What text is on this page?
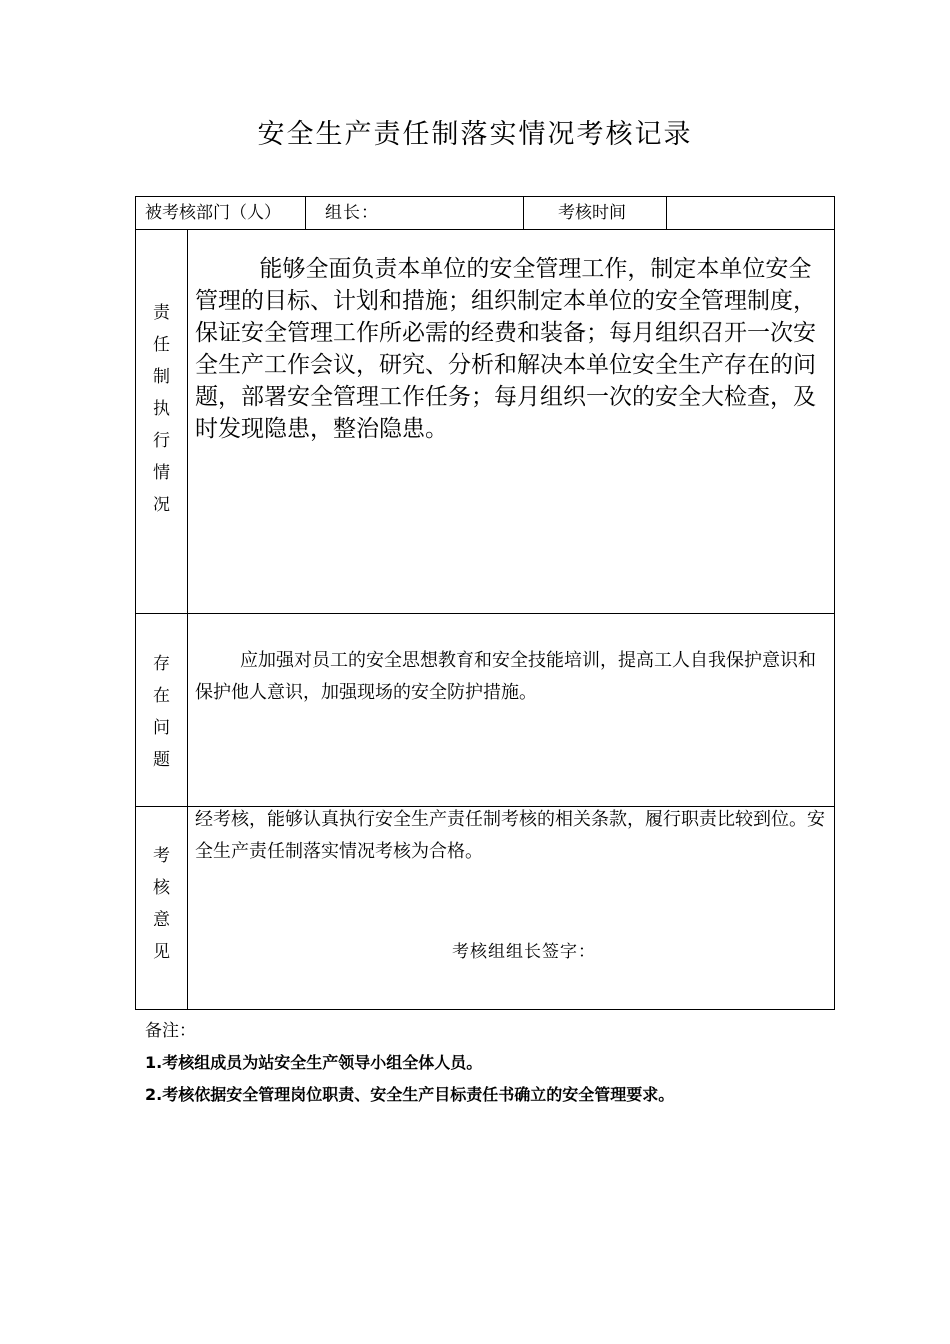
安全生产责任制落实情况考核记录
被考核部门（人）	组长：	考核时间
责
任
制
执
行
情
况
能够全面负责本单位的安全管理工作，制定本单位安全管理的目标、计划和措施；组织制定本单位的安全管理制度，保证安全管理工作所必需的经费和装备；每月组织召开一次安全生产工作会议，研究、分析和解决本单位安全生产存在的问题，部署安全管理工作任务；每月组织一次的安全大检查，及时发现隐患，整治隐患。
存
在
问
题
应加强对员工的安全思想教育和安全技能培训，提高工人自我保护意识和保护他人意识，加强现场的安全防护措施。
考
核
意
见
经考核，能够认真执行安全生产责任制考核的相关条款，履行职责比较到位。安全生产责任制落实情况考核为合格。
考核组组长签字：
备注：
1.考核组成员为站安全生产领导小组全体人员。
2.考核依据安全管理岗位职责、安全生产目标责任书确立的安全管理要求。
